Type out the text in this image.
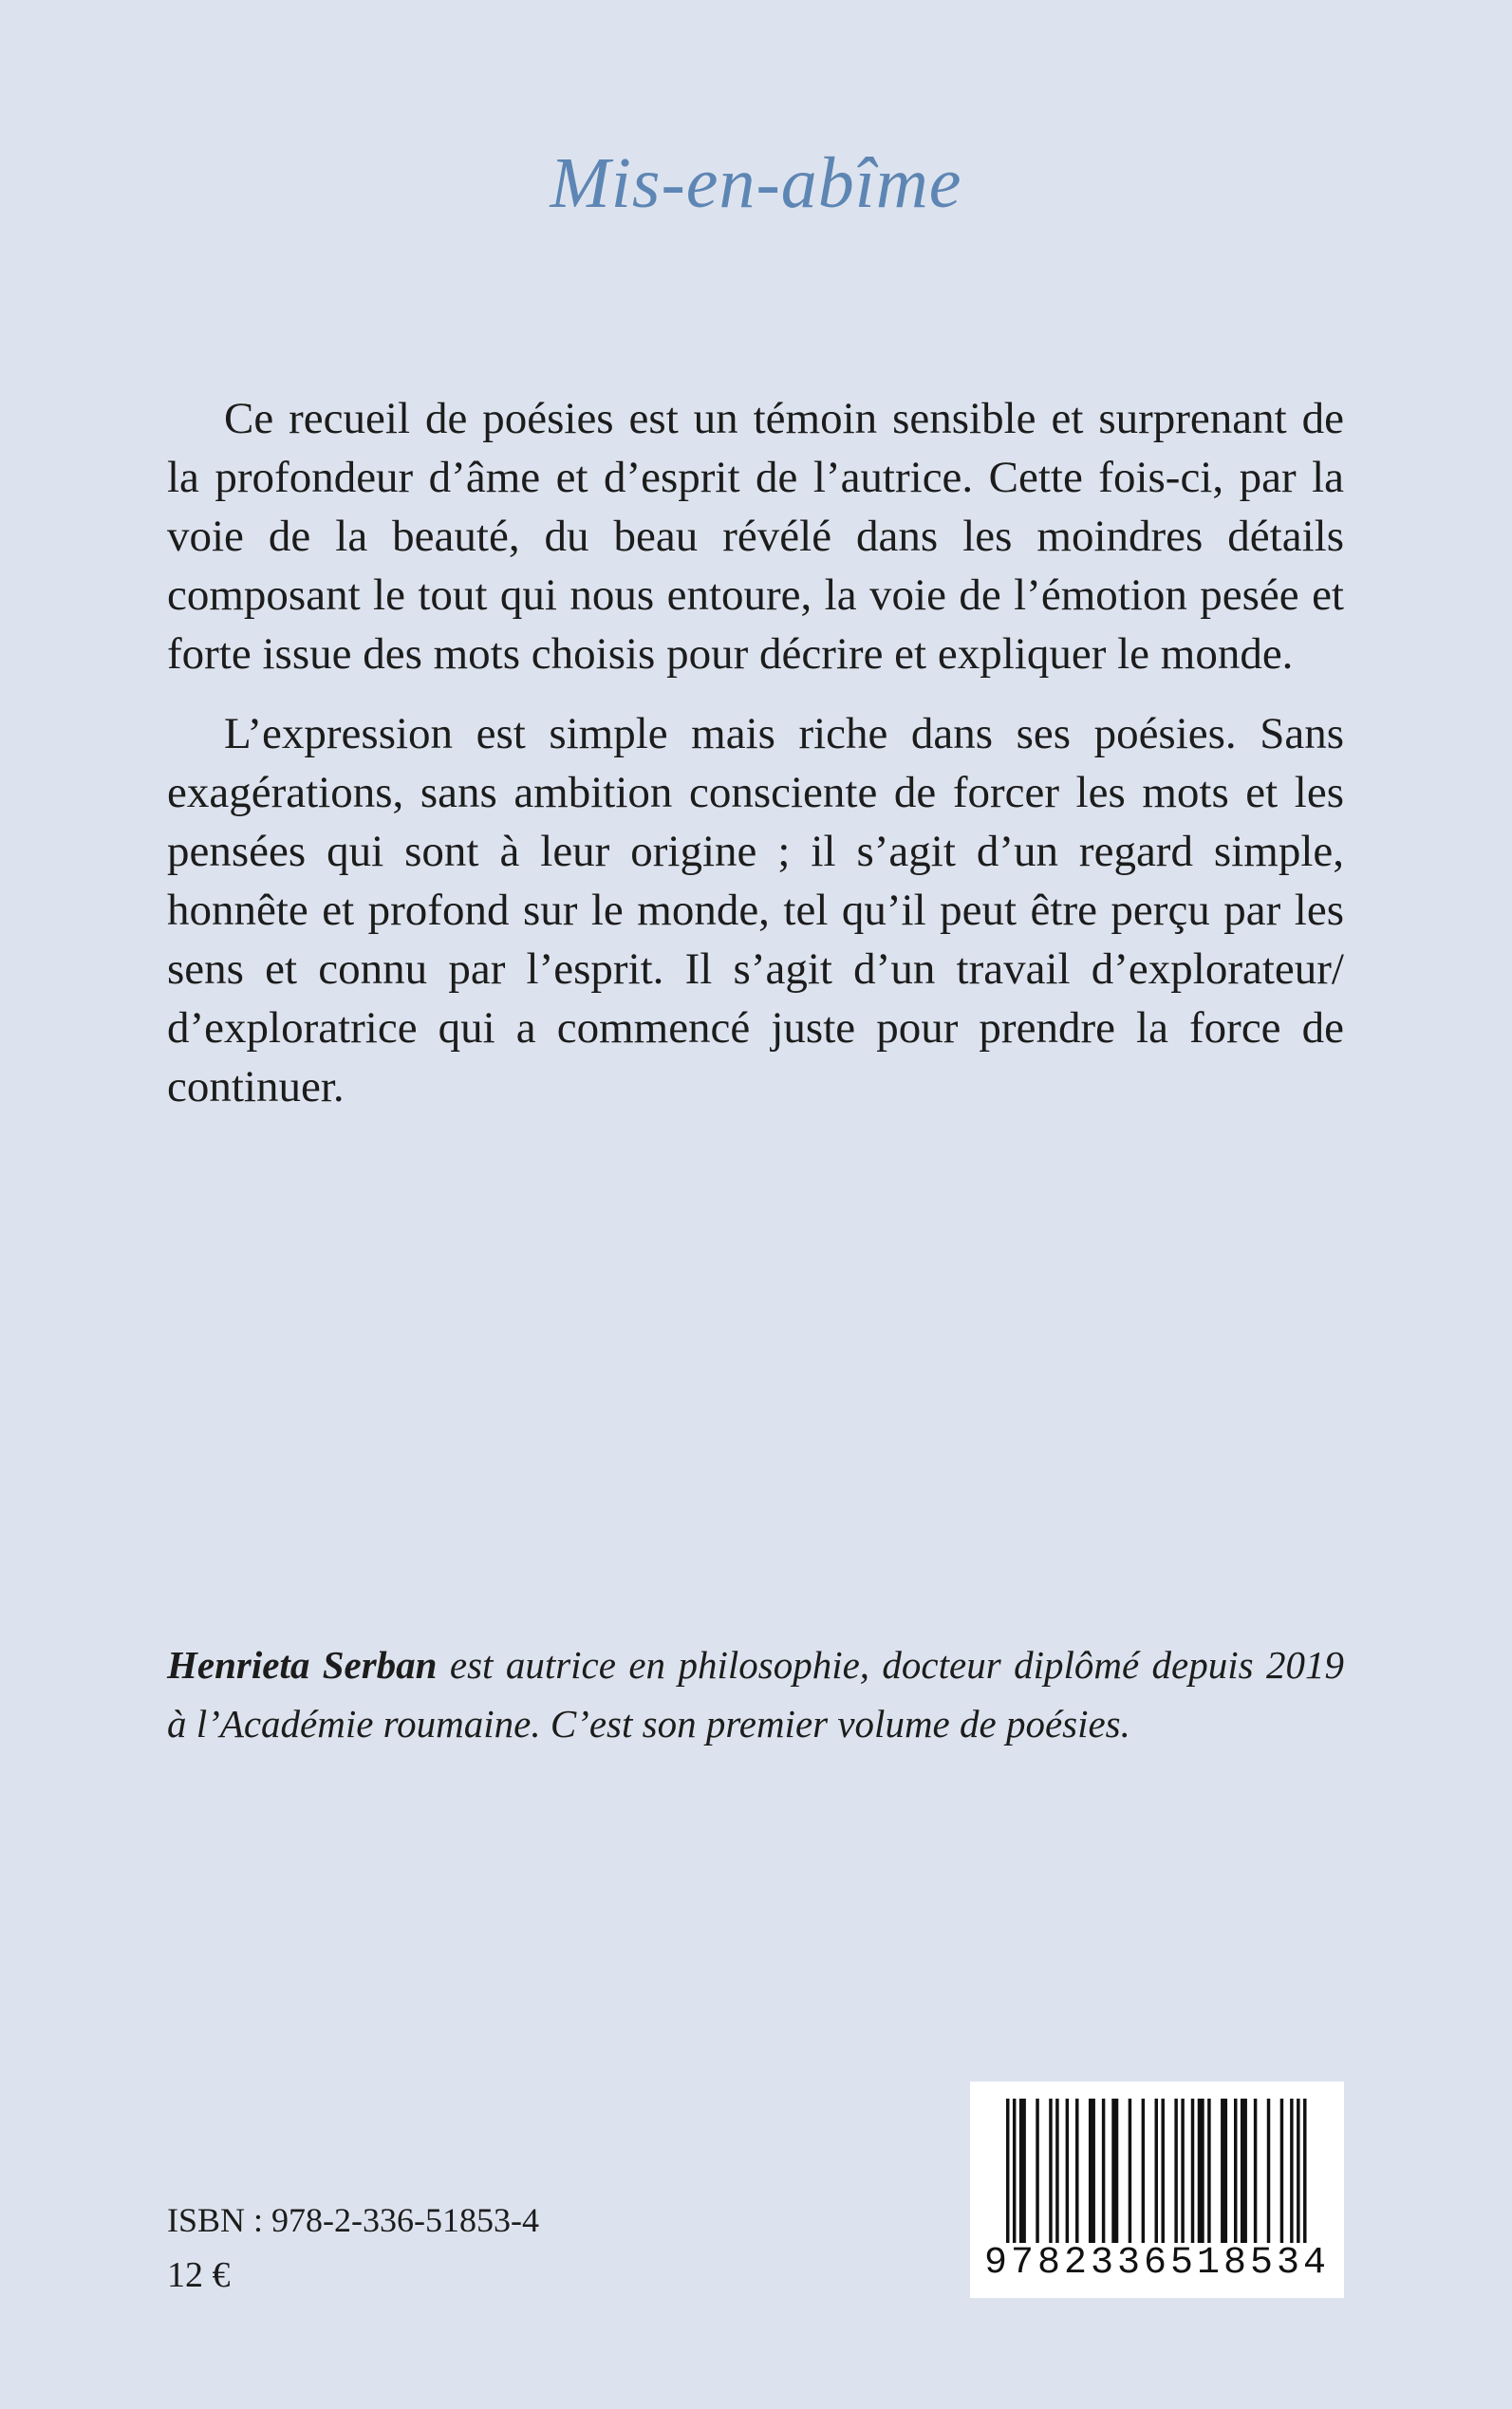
Mis-en-abîme

Ce recueil de poésies est un témoin sensible et surprenant de la profondeur d’âme et d’esprit de l’autrice. Cette fois-ci, par la voie de la beauté, du beau révélé dans les moindres détails composant le tout qui nous entoure, la voie de l’émotion pesée et forte issue des mots choisis pour décrire et expliquer le monde.

L’expression est simple mais riche dans ses poésies. Sans exagérations, sans ambition consciente de forcer les mots et les pensées qui sont à leur origine ; il s’agit d’un regard simple, honnête et profond sur le monde, tel qu’il peut être perçu par les sens et connu par l’esprit. Il s’agit d’un travail d’explorateur/ d’exploratrice qui a commencé juste pour prendre la force de continuer.

Henrieta Serban est autrice en philosophie, docteur diplômé depuis 2019 à l’Académie roumaine. C’est son premier volume de poésies.

ISBN : 978-2-336-51853-4

12 €	9782336518534
